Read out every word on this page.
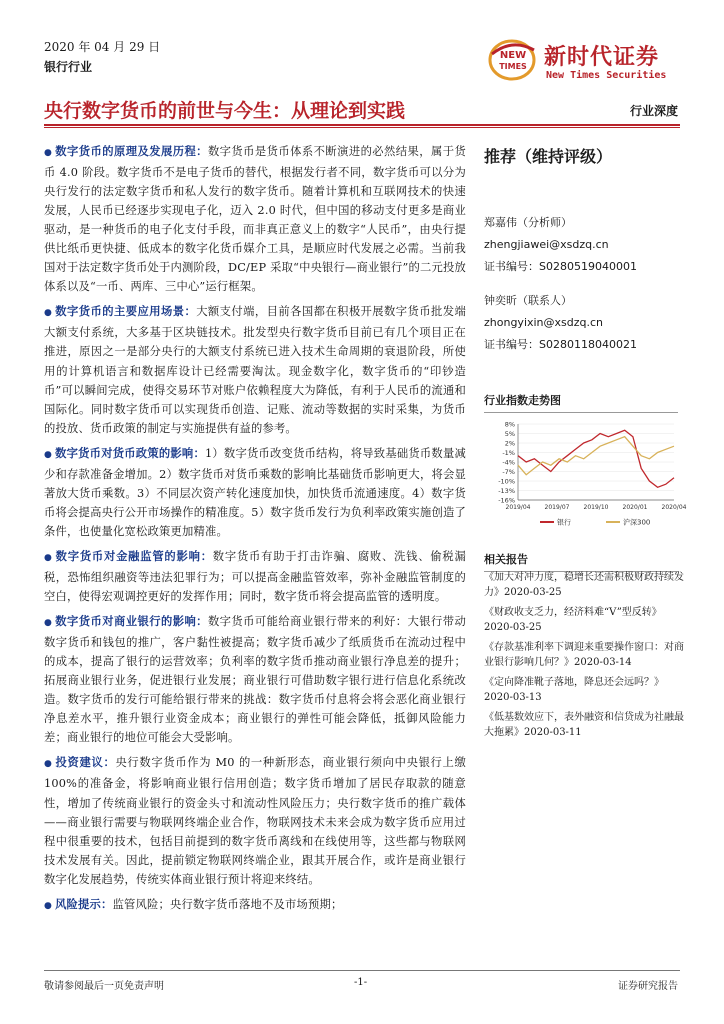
2020 年 04 月 29 日
银行行业
NEW
TIMES 新时代证券
New Times Securities
央行数字货币的前世与今生：从理论到实践	行业深度

● 数字货币的原理及发展历程：数字货币是货币体系不断演进的必然结果，属于货币 4.0 阶段。数字货币不是电子货币的替代，根据发行者不同，数字货币可以分为央行发行的法定数字货币和私人发行的数字货币。随着计算机和互联网技术的快速发展，人民币已经逐步实现电子化，迈入 2.0 时代，但中国的移动支付更多是商业驱动，是一种货币的电子化支付手段，而非真正意义上的数字“人民币”，由央行提供比纸币更快捷、低成本的数字化货币媒介工具，是顺应时代发展之必需。当前我国对于法定数字货币处于内测阶段，DC/EP 采取“中央银行—商业银行”的二元投放体系以及“一币、两库、三中心”运行框架。

● 数字货币的主要应用场景：大额支付端，目前各国都在积极开展数字货币批发端大额支付系统，大多基于区块链技术。批发型央行数字货币目前已有几个项目正在推进，原因之一是部分央行的大额支付系统已进入技术生命周期的衰退阶段，所使用的计算机语言和数据库设计已经需要淘汰。现金数字化，数字货币的“印钞造币”可以瞬间完成，使得交易环节对账户依赖程度大为降低，有利于人民币的流通和国际化。同时数字货币可以实现货币创造、记账、流动等数据的实时采集，为货币的投放、货币政策的制定与实施提供有益的参考。

● 数字货币对货币政策的影响：1）数字货币改变货币结构，将导致基础货币数量减少和存款准备金增加。2）数字货币对货币乘数的影响比基础货币影响更大，将会显著放大货币乘数。3）不同层次资产转化速度加快，加快货币流通速度。4）数字货币将会提高央行公开市场操作的精准度。5）数字货币发行为负利率政策实施创造了条件，也使量化宽松政策更加精准。

● 数字货币对金融监管的影响：数字货币有助于打击诈骗、腐败、洗钱、偷税漏税，恐怖组织融资等违法犯罪行为；可以提高金融监管效率，弥补金融监管制度的空白，使得宏观调控更好的发挥作用；同时，数字货币将会提高监管的透明度。

● 数字货币对商业银行的影响：数字货币可能给商业银行带来的利好：大银行带动数字货币和钱包的推广，客户黏性被提高；数字货币减少了纸质货币在流动过程中的成本，提高了银行的运营效率；负利率的数字货币推动商业银行净息差的提升；拓展商业银行业务，促进银行业发展；商业银行可借助数字银行进行信息化系统改造。数字货币的发行可能给银行带来的挑战：数字货币付息将会将会恶化商业银行净息差水平，推升银行业资金成本；商业银行的弹性可能会降低，抵御风险能力差；商业银行的地位可能会大受影响。

● 投资建议：央行数字货币作为 M0 的一种新形态，商业银行须向中央银行上缴 100%的准备金，将影响商业银行信用创造；数字货币增加了居民存取款的随意性，增加了传统商业银行的资金头寸和流动性风险压力；央行数字货币的推广载体——商业银行需要与物联网终端企业合作，物联网技术未来会成为数字货币应用过程中很重要的技术，包括目前提到的数字货币离线和在线使用等，这些都与物联网技术发展有关。因此，提前锁定物联网终端企业，跟其开展合作，或许是商业银行数字化发展趋势，传统实体商业银行预计将迎来终结。

● 风险提示：监管风险；央行数字货币落地不及市场预期；

推荐（维持评级）
郑嘉伟（分析师）
zhengjiawei@xsdzq.cn
证书编号：S0280519040001
钟奕昕（联系人）
zhongyixin@xsdzq.cn
证书编号：S0280118040021
行业指数走势图
8%
5%
2%
-1%
-4%
-7%
-10%
-13%
-16%
2019/04 2019/07 2019/10 2020/01 2020/04
银行	沪深300
相关报告
《加大对冲力度，稳增长还需积极财政持续发力》2020-03-25
《财政收支乏力，经济料难“V”型反转》2020-03-25
《存款基准利率下调迎来重要操作窗口：对商业银行影响几何？》2020-03-14
《定向降准靴子落地，降息还会远吗？》2020-03-13
《低基数效应下，表外融资和信贷成为社融最大拖累》2020-03-11
敬请参阅最后一页免责声明	-1-	证券研究报告
